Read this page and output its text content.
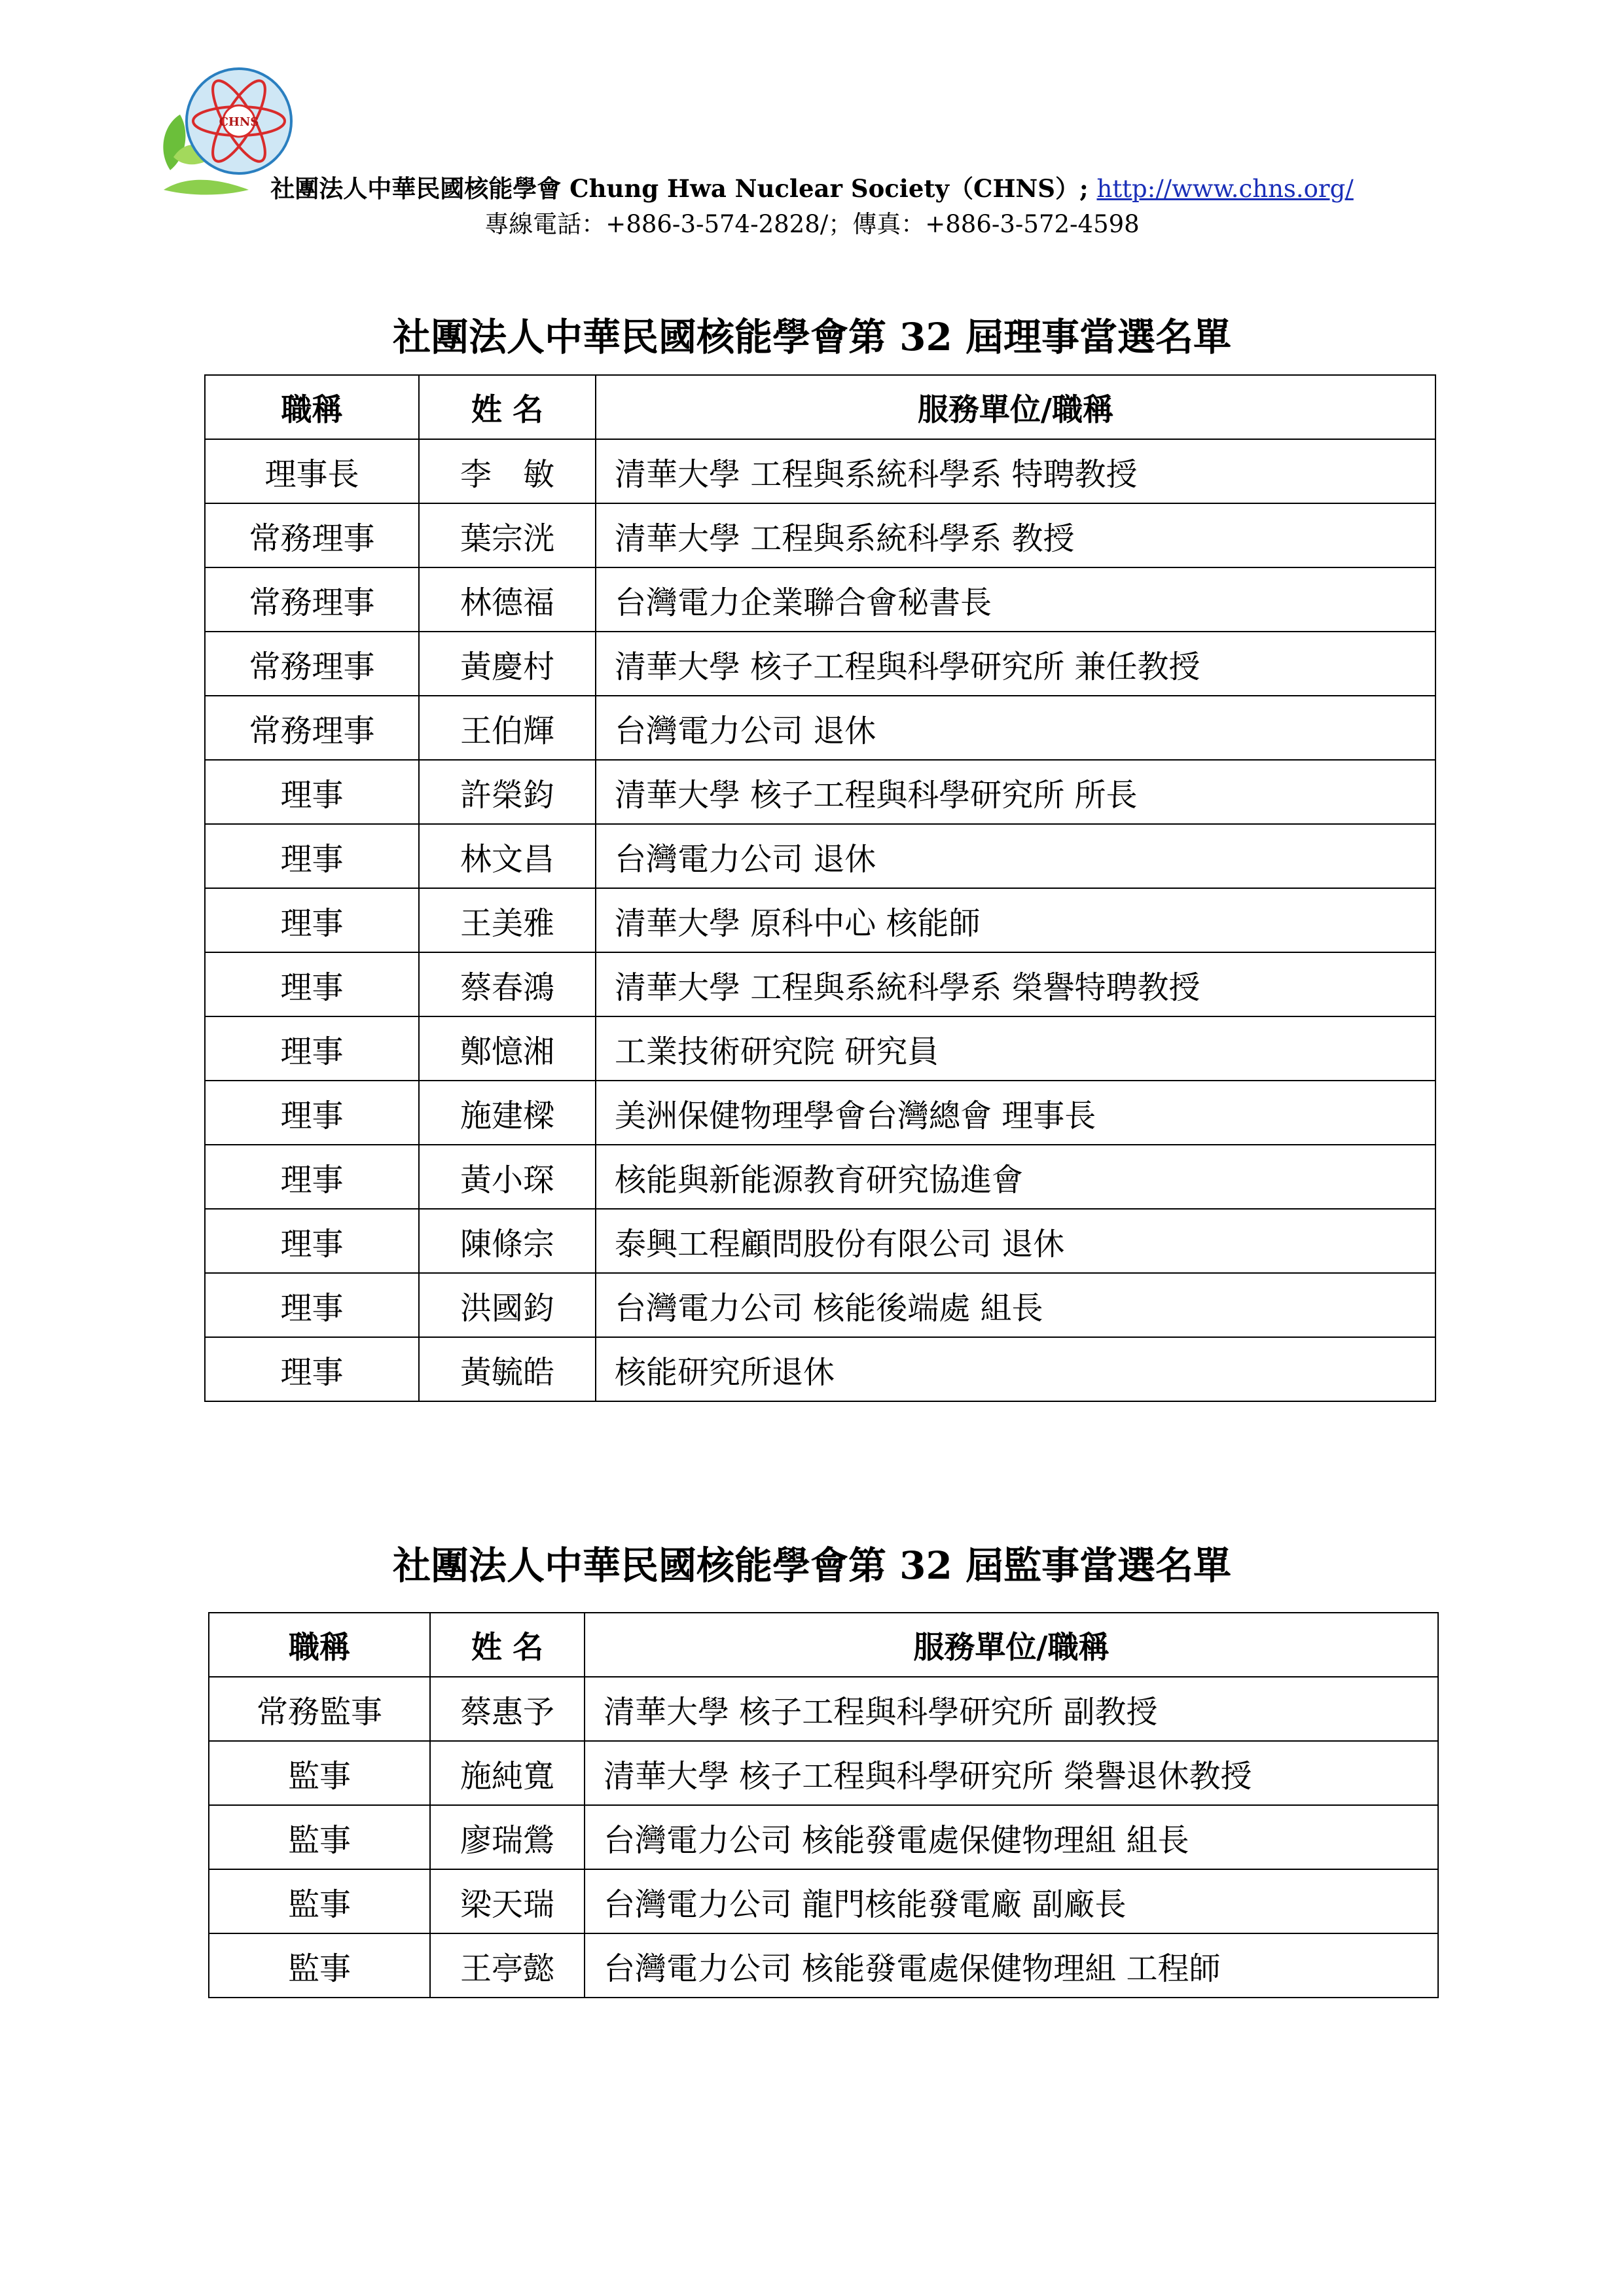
CHNS
社團法人中華民國核能學會 Chung Hwa Nuclear Society（CHNS）; http://www.chns.org/
專線電話：+886-3-574-2828/；傳真：+886-3-572-4598
社團法人中華民國核能學會第 32 屆理事當選名單
職稱	姓 名	服務單位/職稱
理事長	李　敏	清華大學 工程與系統科學系 特聘教授
常務理事	葉宗洸	清華大學 工程與系統科學系 教授
常務理事	林德福	台灣電力企業聯合會秘書長
常務理事	黃慶村	清華大學 核子工程與科學研究所 兼任教授
常務理事	王伯輝	台灣電力公司 退休
理事	許榮鈞	清華大學 核子工程與科學研究所 所長
理事	林文昌	台灣電力公司 退休
理事	王美雅	清華大學 原科中心 核能師
理事	蔡春鴻	清華大學 工程與系統科學系 榮譽特聘教授
理事	鄭憶湘	工業技術研究院 研究員
理事	施建樑	美洲保健物理學會台灣總會 理事長
理事	黃小琛	核能與新能源教育研究協進會
理事	陳條宗	泰興工程顧問股份有限公司 退休
理事	洪國鈞	台灣電力公司 核能後端處 組長
理事	黃毓皓	核能研究所退休
社團法人中華民國核能學會第 32 屆監事當選名單
職稱	姓 名	服務單位/職稱
常務監事	蔡惠予	清華大學 核子工程與科學研究所 副教授
監事	施純寬	清華大學 核子工程與科學研究所 榮譽退休教授
監事	廖瑞鶯	台灣電力公司 核能發電處保健物理組 組長
監事	梁天瑞	台灣電力公司 龍門核能發電廠 副廠長
監事	王亭懿	台灣電力公司 核能發電處保健物理組 工程師
